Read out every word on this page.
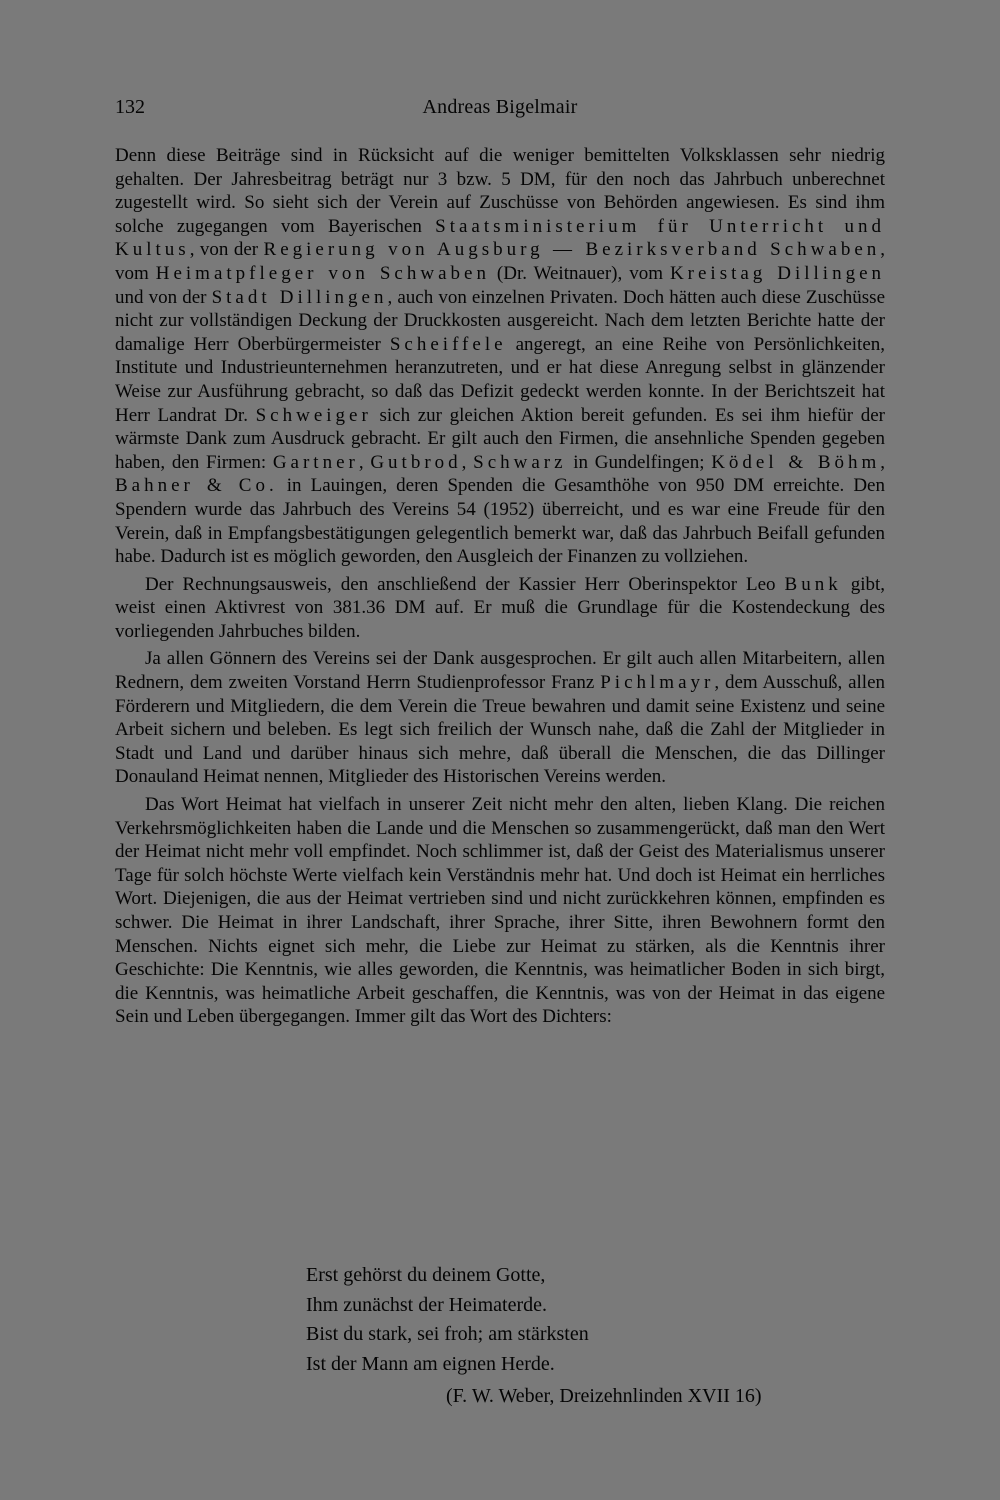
132	Andreas Bigelmair

Denn diese Beiträge sind in Rücksicht auf die weniger bemittelten Volksklassen sehr niedrig gehalten. Der Jahresbeitrag beträgt nur 3 bzw. 5 DM, für den noch das Jahrbuch unberechnet zugestellt wird. So sieht sich der Verein auf Zuschüsse von Behörden angewiesen. Es sind ihm solche zugegangen vom Bayerischen Staatsministerium für Unterricht und Kultus, von der Regierung von Augsburg — Bezirksverband Schwaben, vom Heimatpfleger von Schwaben (Dr. Weitnauer), vom Kreistag Dillingen und von der Stadt Dillingen, auch von einzelnen Privaten. Doch hätten auch diese Zuschüsse nicht zur vollständigen Deckung der Druckkosten ausgereicht. Nach dem letzten Berichte hatte der damalige Herr Oberbürgermeister Scheiffele angeregt, an eine Reihe von Persönlichkeiten, Institute und Industrieunternehmen heranzutreten, und er hat diese Anregung selbst in glänzender Weise zur Ausführung gebracht, so daß das Defizit gedeckt werden konnte. In der Berichtszeit hat Herr Landrat Dr. Schweiger sich zur gleichen Aktion bereit gefunden. Es sei ihm hiefür der wärmste Dank zum Ausdruck gebracht. Er gilt auch den Firmen, die ansehnliche Spenden gegeben haben, den Firmen: Gartner, Gutbrod, Schwarz in Gundelfingen; Ködel & Böhm, Bahner & Co. in Lauingen, deren Spenden die Gesamthöhe von 950 DM erreichte. Den Spendern wurde das Jahrbuch des Vereins 54 (1952) überreicht, und es war eine Freude für den Verein, daß in Empfangsbestätigungen gelegentlich bemerkt war, daß das Jahrbuch Beifall gefunden habe. Dadurch ist es möglich geworden, den Ausgleich der Finanzen zu vollziehen.

Der Rechnungsausweis, den anschließend der Kassier Herr Oberinspektor Leo Bunk gibt, weist einen Aktivrest von 381.36 DM auf. Er muß die Grundlage für die Kostendeckung des vorliegenden Jahrbuches bilden.

Ja allen Gönnern des Vereins sei der Dank ausgesprochen. Er gilt auch allen Mitarbeitern, allen Rednern, dem zweiten Vorstand Herrn Studienprofessor Franz Pichlmayr, dem Ausschuß, allen Förderern und Mitgliedern, die dem Verein die Treue bewahren und damit seine Existenz und seine Arbeit sichern und beleben. Es legt sich freilich der Wunsch nahe, daß die Zahl der Mitglieder in Stadt und Land und darüber hinaus sich mehre, daß überall die Menschen, die das Dillinger Donauland Heimat nennen, Mitglieder des Historischen Vereins werden.

Das Wort Heimat hat vielfach in unserer Zeit nicht mehr den alten, lieben Klang. Die reichen Verkehrsmöglichkeiten haben die Lande und die Menschen so zusammengerückt, daß man den Wert der Heimat nicht mehr voll empfindet. Noch schlimmer ist, daß der Geist des Materialismus unserer Tage für solch höchste Werte vielfach kein Verständnis mehr hat. Und doch ist Heimat ein herrliches Wort. Diejenigen, die aus der Heimat vertrieben sind und nicht zurückkehren können, empfinden es schwer. Die Heimat in ihrer Landschaft, ihrer Sprache, ihrer Sitte, ihren Bewohnern formt den Menschen. Nichts eignet sich mehr, die Liebe zur Heimat zu stärken, als die Kenntnis ihrer Geschichte: Die Kenntnis, wie alles geworden, die Kenntnis, was heimatlicher Boden in sich birgt, die Kenntnis, was heimatliche Arbeit geschaffen, die Kenntnis, was von der Heimat in das eigene Sein und Leben übergegangen. Immer gilt das Wort des Dichters:

Erst gehörst du deinem Gotte,
Ihm zunächst der Heimaterde.
Bist du stark, sei froh; am stärksten
Ist der Mann am eignen Herde.
(F. W. Weber, Dreizehnlinden XVII 16)
